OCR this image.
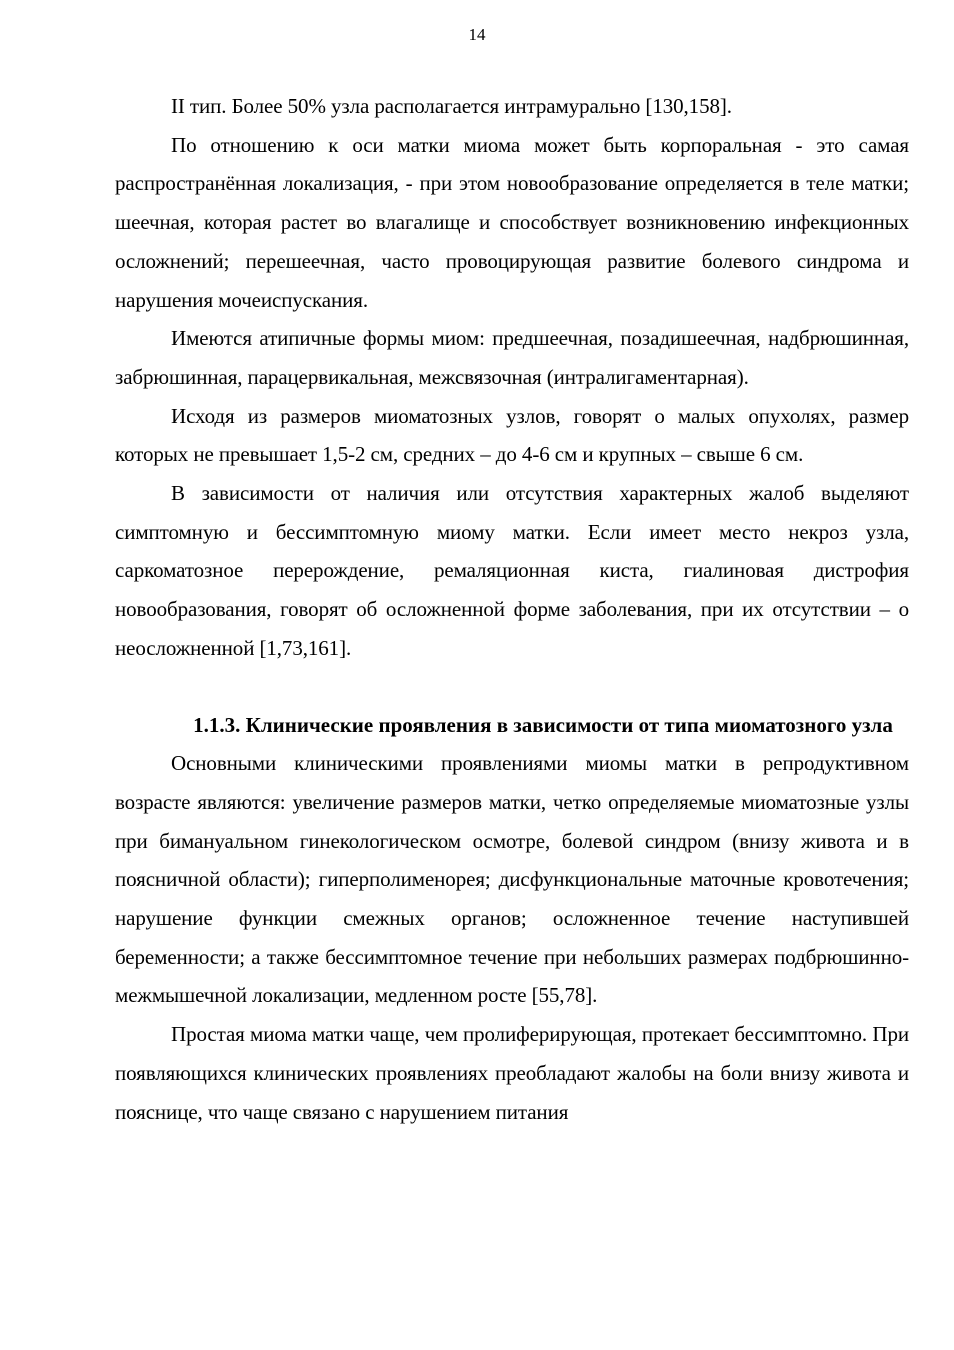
14

II тип. Более 50% узла располагается интрамурально [130,158].

По отношению к оси матки миома может быть корпоральная - это самая распространённая локализация, - при этом новообразование определяется в теле матки; шеечная, которая растет во влагалище и способствует возникновению инфекционных осложнений; перешеечная, часто провоцирующая развитие болевого синдрома и нарушения мочеиспускания.

Имеются атипичные формы миом: предшеечная, позадишеечная, надбрюшинная, забрюшинная, парацервикальная, межсвязочная (интралигаментарная).

Исходя из размеров миоматозных узлов, говорят о малых опухолях, размер которых не превышает 1,5-2 см, средних – до 4-6 см и крупных – свыше 6 см.

В зависимости от наличия или отсутствия характерных жалоб выделяют симптомную и бессимптомную миому матки. Если имеет место некроз узла, саркоматозное перерождение, ремаляционная киста, гиалиновая дистрофия новообразования, говорят об осложненной форме заболевания, при их отсутствии – о неосложненной [1,73,161].

1.1.3. Клинические проявления в зависимости от типа миоматозного узла

Основными клиническими проявлениями миомы матки в репродуктивном возрасте являются: увеличение размеров матки, четко определяемые миоматозные узлы при бимануальном гинекологическом осмотре, болевой синдром (внизу живота и в поясничной области); гиперполименорея; дисфункциональные маточные кровотечения; нарушение функции смежных органов; осложненное течение наступившей беременности; а также бессимптомное течение при небольших размерах подбрюшинно-межмышечной локализации, медленном росте [55,78].

Простая миома матки чаще, чем пролиферирующая, протекает бессимптомно. При появляющихся клинических проявлениях преобладают жалобы на боли внизу живота и пояснице, что чаще связано с нарушением питания
